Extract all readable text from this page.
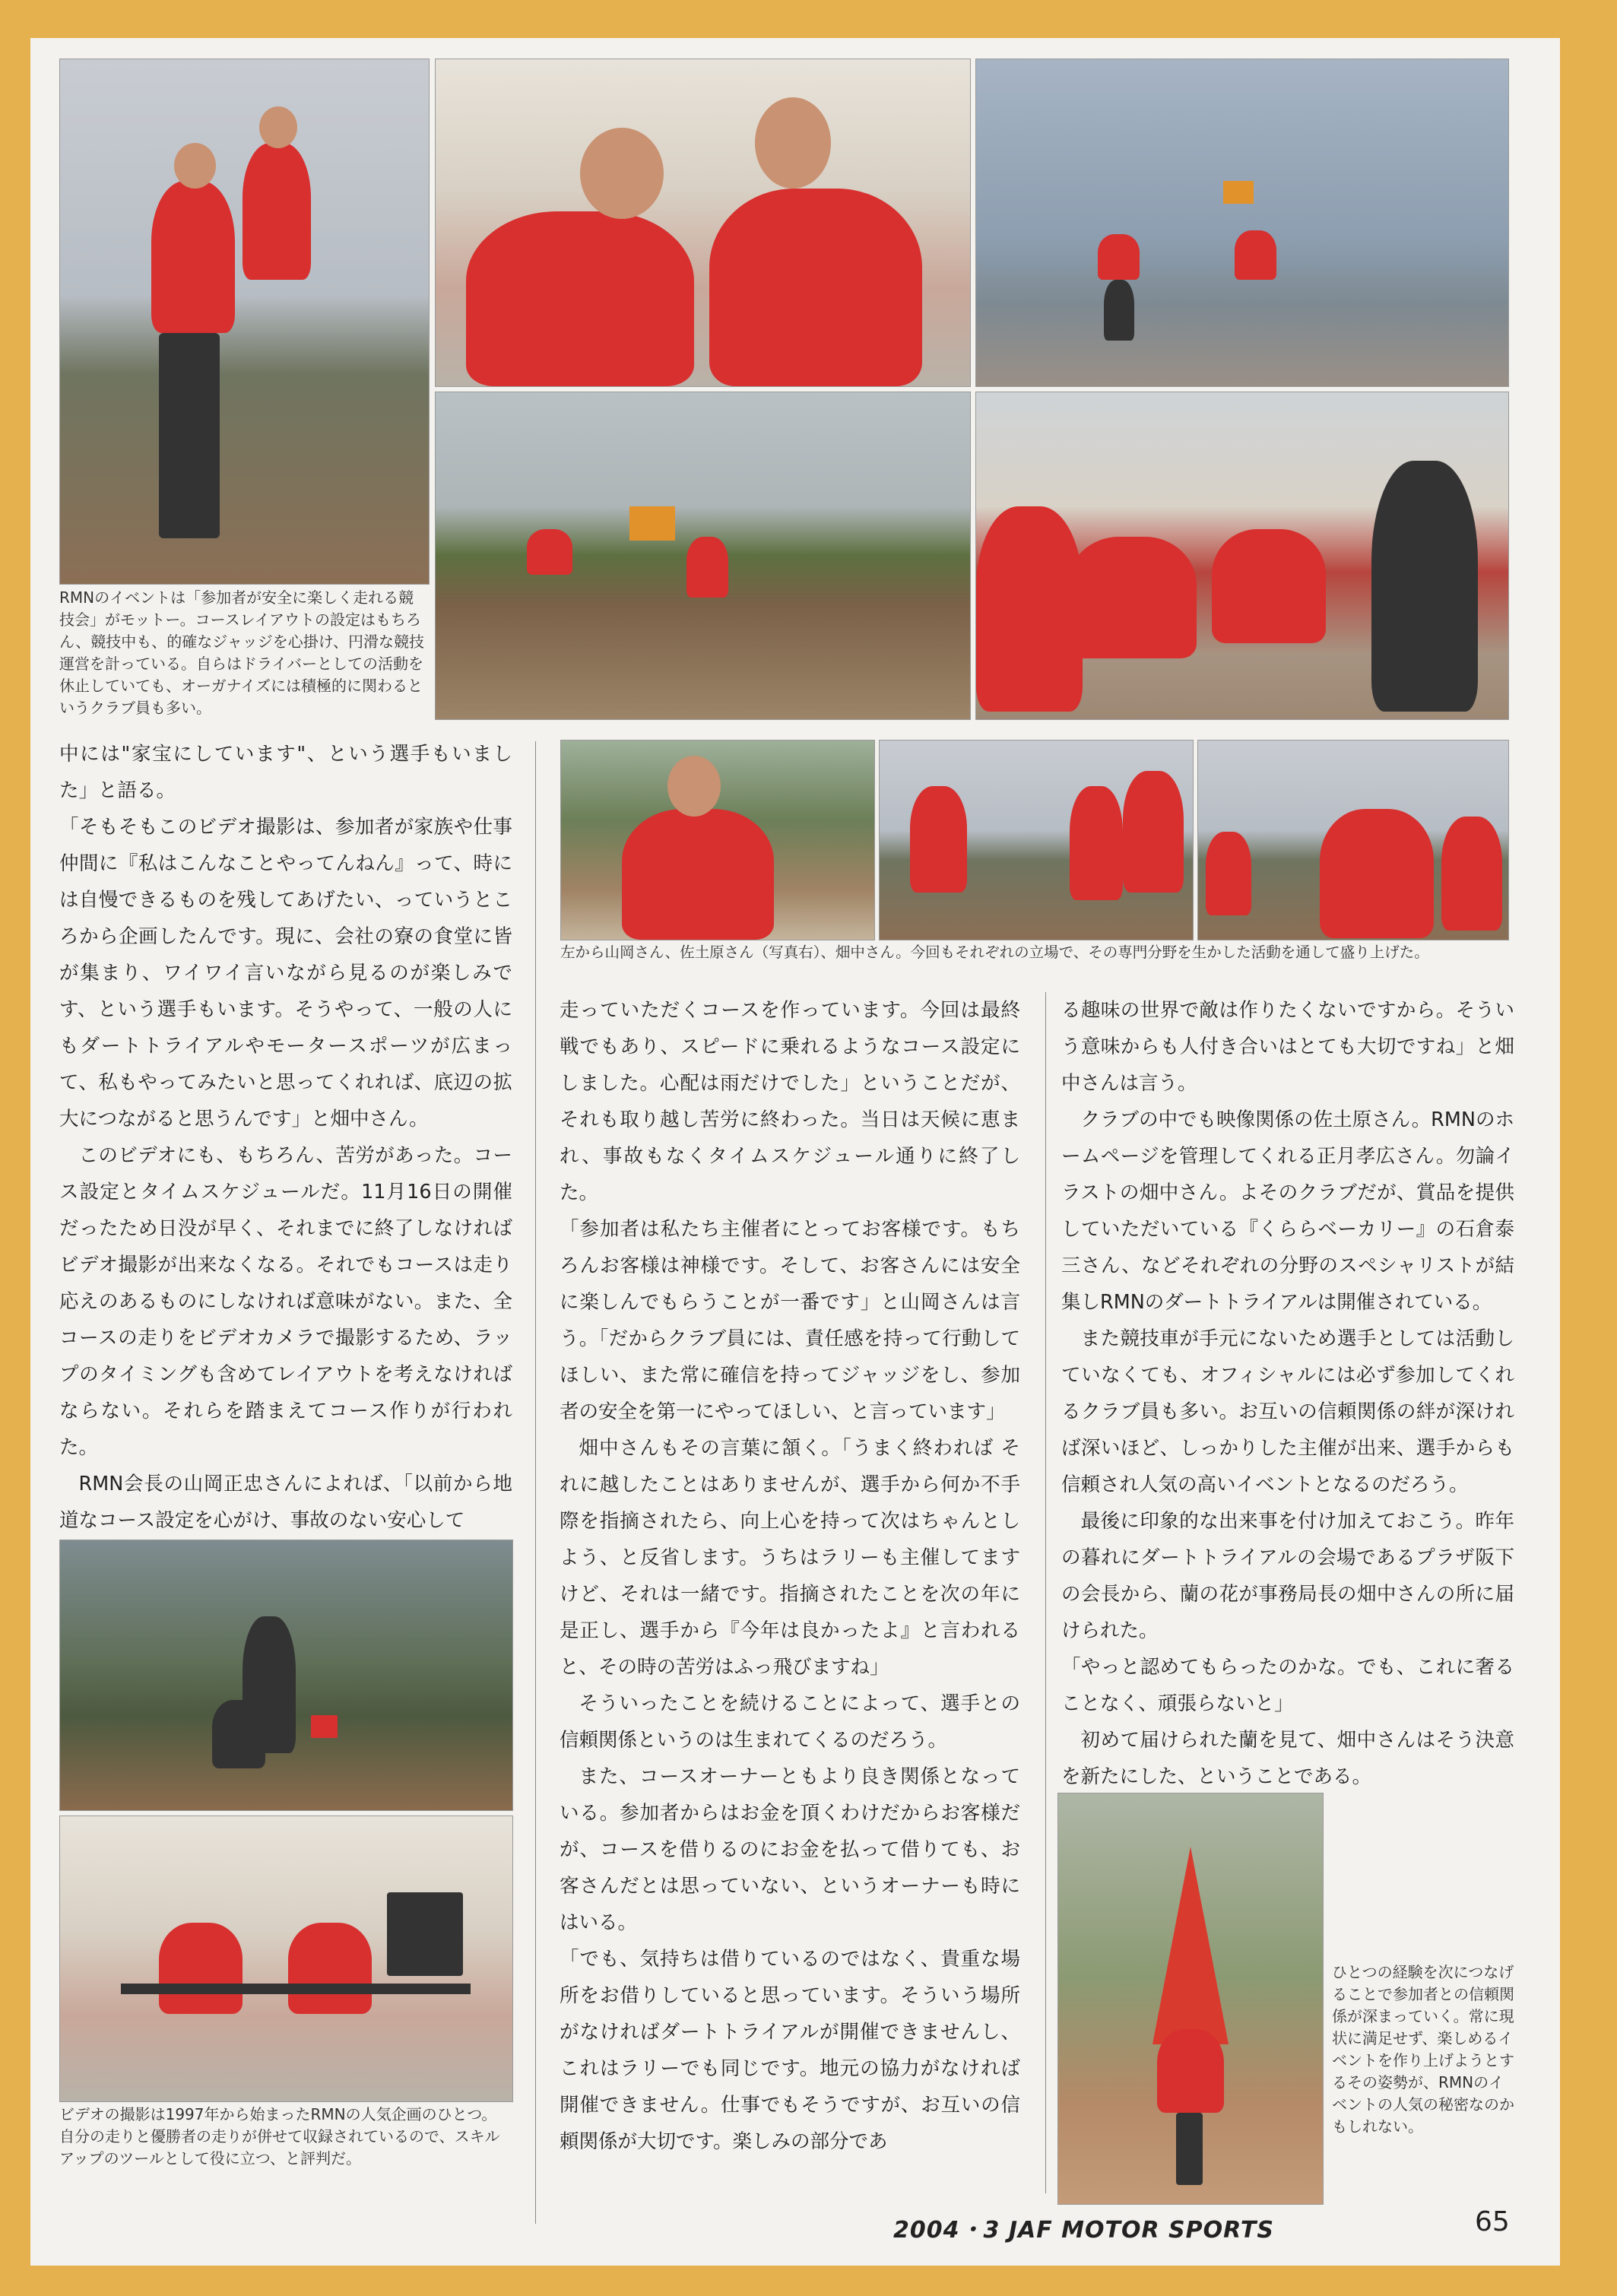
RMNのイベントは「参加者が安全に楽しく走れる競技会」がモットー。コースレイアウトの設定はもちろん、競技中も、的確なジャッジを心掛け、円滑な競技運営を計っている。自らはドライバーとしての活動を休止していても、オーガナイズには積極的に関わるというクラブ員も多い。
左から山岡さん、佐土原さん（写真右）、畑中さん。今回もそれぞれの立場で、その専門分野を生かした活動を通して盛り上げた。
ビデオの撮影は1997年から始まったRMNの人気企画のひとつ。自分の走りと優勝者の走りが併せて収録されているので、スキルアップのツールとして役に立つ、と評判だ。
ひとつの経験を次につなげることで参加者との信頼関係が深まっていく。常に現状に満足せず、楽しめるイベントを作り上げようとするその姿勢が、RMNのイベントの人気の秘密なのかもしれない。

中には"家宝にしています"、という選手もいました」と語る。

「そもそもこのビデオ撮影は、参加者が家族や仕事仲間に『私はこんなことやってんねん』って、時には自慢できるものを残してあげたい、っていうところから企画したんです。現に、会社の寮の食堂に皆が集まり、ワイワイ言いながら見るのが楽しみです、という選手もいます。そうやって、一般の人にもダートトライアルやモータースポーツが広まって、私もやってみたいと思ってくれれば、底辺の拡大につながると思うんです」と畑中さん。

このビデオにも、もちろん、苦労があった。コース設定とタイムスケジュールだ。11月16日の開催だったため日没が早く、それまでに終了しなければビデオ撮影が出来なくなる。それでもコースは走り応えのあるものにしなければ意味がない。また、全コースの走りをビデオカメラで撮影するため、ラップのタイミングも含めてレイアウトを考えなければならない。それらを踏まえてコース作りが行われた。

RMN会長の山岡正忠さんによれば、「以前から地道なコース設定を心がけ、事故のない安心して

走っていただくコースを作っています。今回は最終戦でもあり、スピードに乗れるようなコース設定にしました。心配は雨だけでした」ということだが、それも取り越し苦労に終わった。当日は天候に恵まれ、事故もなくタイムスケジュール通りに終了した。

「参加者は私たち主催者にとってお客様です。もちろんお客様は神様です。そして、お客さんには安全に楽しんでもらうことが一番です」と山岡さんは言う。「だからクラブ員には、責任感を持って行動してほしい、また常に確信を持ってジャッジをし、参加者の安全を第一にやってほしい、と言っています」

畑中さんもその言葉に頷く。「うまく終われば それに越したことはありませんが、選手から何か不手際を指摘されたら、向上心を持って次はちゃんとしよう、と反省します。うちはラリーも主催してますけど、それは一緒です。指摘されたことを次の年に是正し、選手から『今年は良かったよ』と言われると、その時の苦労はふっ飛びますね」

そういったことを続けることによって、選手との信頼関係というのは生まれてくるのだろう。

また、コースオーナーともより良き関係となっている。参加者からはお金を頂くわけだからお客様だが、コースを借りるのにお金を払って借りても、お客さんだとは思っていない、というオーナーも時にはいる。

「でも、気持ちは借りているのではなく、貴重な場所をお借りしていると思っています。そういう場所がなければダートトライアルが開催できませんし、これはラリーでも同じです。地元の協力がなければ開催できません。仕事でもそうですが、お互いの信頼関係が大切です。楽しみの部分であ

る趣味の世界で敵は作りたくないですから。そういう意味からも人付き合いはとても大切ですね」と畑中さんは言う。

クラブの中でも映像関係の佐土原さん。RMNのホームページを管理してくれる正月孝広さん。勿論イラストの畑中さん。よそのクラブだが、賞品を提供していただいている『くららベーカリー』の石倉泰三さん、などそれぞれの分野のスペシャリストが結集しRMNのダートトライアルは開催されている。

また競技車が手元にないため選手としては活動していなくても、オフィシャルには必ず参加してくれるクラブ員も多い。お互いの信頼関係の絆が深ければ深いほど、しっかりした主催が出来、選手からも信頼され人気の高いイベントとなるのだろう。

最後に印象的な出来事を付け加えておこう。昨年の暮れにダートトライアルの会場であるプラザ阪下の会長から、蘭の花が事務局長の畑中さんの所に届けられた。

「やっと認めてもらったのかな。でも、これに奢ることなく、頑張らないと」

初めて届けられた蘭を見て、畑中さんはそう決意を新たにした、ということである。

2004・3 JAF MOTOR SPORTS	65
